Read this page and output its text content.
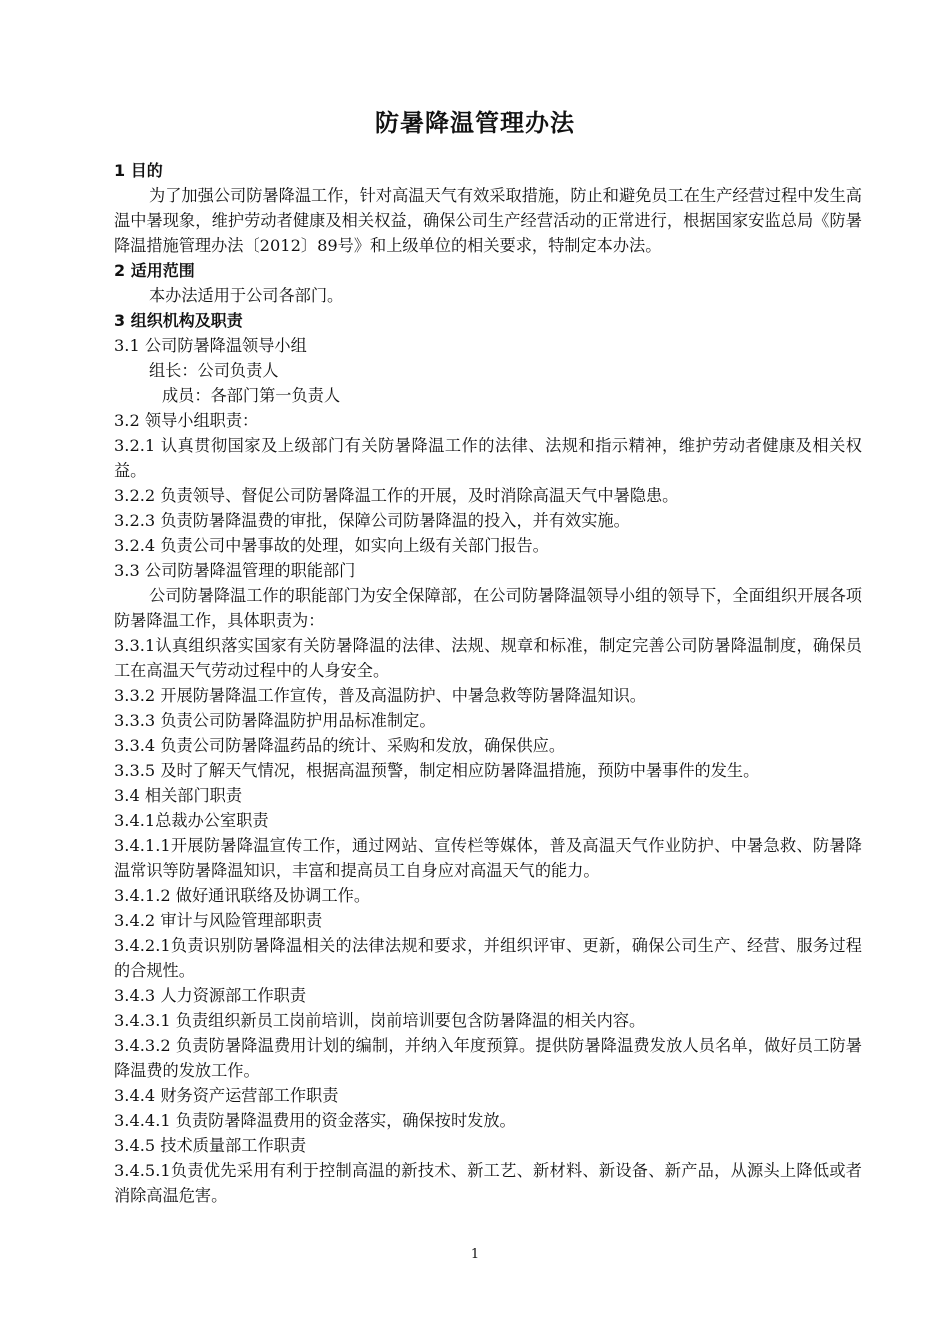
防暑降温管理办法

1 目的

为了加强公司防暑降温工作，针对高温天气有效采取措施，防止和避免员工在生产经营过程中发生高温中暑现象，维护劳动者健康及相关权益，确保公司生产经营活动的正常进行，根据国家安监总局《防暑降温措施管理办法〔2012〕89号》和上级单位的相关要求，特制定本办法。

2 适用范围

本办法适用于公司各部门。

3 组织机构及职责

3.1 公司防暑降温领导小组

组长：公司负责人

成员：各部门第一负责人

3.2 领导小组职责：

3.2.1 认真贯彻国家及上级部门有关防暑降温工作的法律、法规和指示精神，维护劳动者健康及相关权益。

3.2.2 负责领导、督促公司防暑降温工作的开展，及时消除高温天气中暑隐患。

3.2.3 负责防暑降温费的审批，保障公司防暑降温的投入，并有效实施。

3.2.4 负责公司中暑事故的处理，如实向上级有关部门报告。

3.3 公司防暑降温管理的职能部门

公司防暑降温工作的职能部门为安全保障部，在公司防暑降温领导小组的领导下，全面组织开展各项防暑降温工作，具体职责为：

3.3.1认真组织落实国家有关防暑降温的法律、法规、规章和标准，制定完善公司防暑降温制度，确保员工在高温天气劳动过程中的人身安全。

3.3.2 开展防暑降温工作宣传，普及高温防护、中暑急救等防暑降温知识。

3.3.3 负责公司防暑降温防护用品标准制定。

3.3.4 负责公司防暑降温药品的统计、采购和发放，确保供应。

3.3.5 及时了解天气情况，根据高温预警，制定相应防暑降温措施，预防中暑事件的发生。

3.4 相关部门职责

3.4.1总裁办公室职责

3.4.1.1开展防暑降温宣传工作，通过网站、宣传栏等媒体，普及高温天气作业防护、中暑急救、防暑降温常识等防暑降温知识，丰富和提高员工自身应对高温天气的能力。

3.4.1.2 做好通讯联络及协调工作。

3.4.2 审计与风险管理部职责

3.4.2.1负责识别防暑降温相关的法律法规和要求，并组织评审、更新，确保公司生产、经营、服务过程的合规性。

3.4.3 人力资源部工作职责

3.4.3.1 负责组织新员工岗前培训，岗前培训要包含防暑降温的相关内容。

3.4.3.2 负责防暑降温费用计划的编制，并纳入年度预算。提供防暑降温费发放人员名单，做好员工防暑降温费的发放工作。

3.4.4 财务资产运营部工作职责

3.4.4.1 负责防暑降温费用的资金落实，确保按时发放。

3.4.5 技术质量部工作职责

3.4.5.1负责优先采用有利于控制高温的新技术、新工艺、新材料、新设备、新产品，从源头上降低或者消除高温危害。

1
